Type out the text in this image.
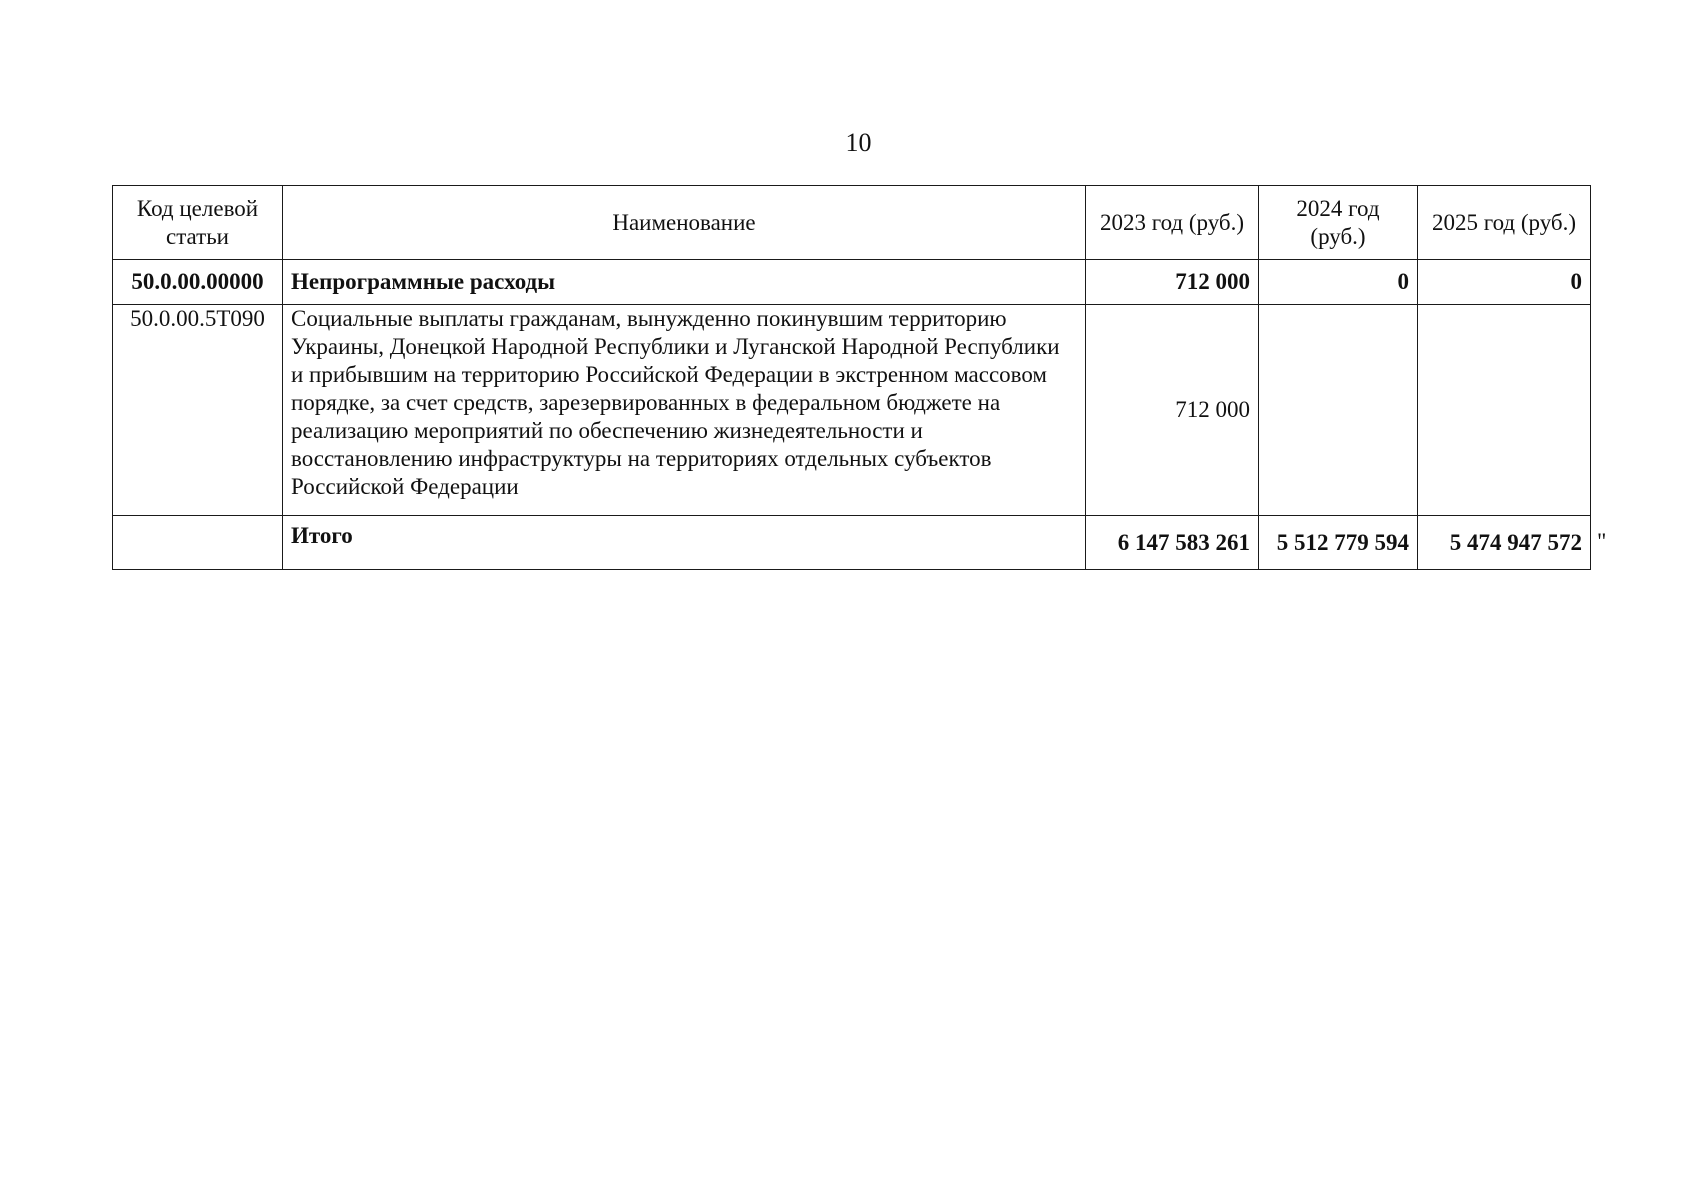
10
Код целевой статьи	Наименование	2023 год (руб.)	2024 год (руб.)	2025 год (руб.)
50.0.00.00000	Непрограммные расходы	712 000	0	0
50.0.00.5Т090	Социальные выплаты гражданам, вынужденно покинувшим территорию Украины, Донецкой Народной Республики и Луганской Народной Республики и прибывшим на территорию Российской Федерации в экстренном массовом порядке, за счет средств, зарезервированных в федеральном бюджете на реализацию мероприятий по обеспечению жизнедеятельности и восстановлению инфраструктуры на территориях отдельных субъектов Российской Федерации	712 000		
	Итого	6 147 583 261	5 512 779 594	5 474 947 572 "
